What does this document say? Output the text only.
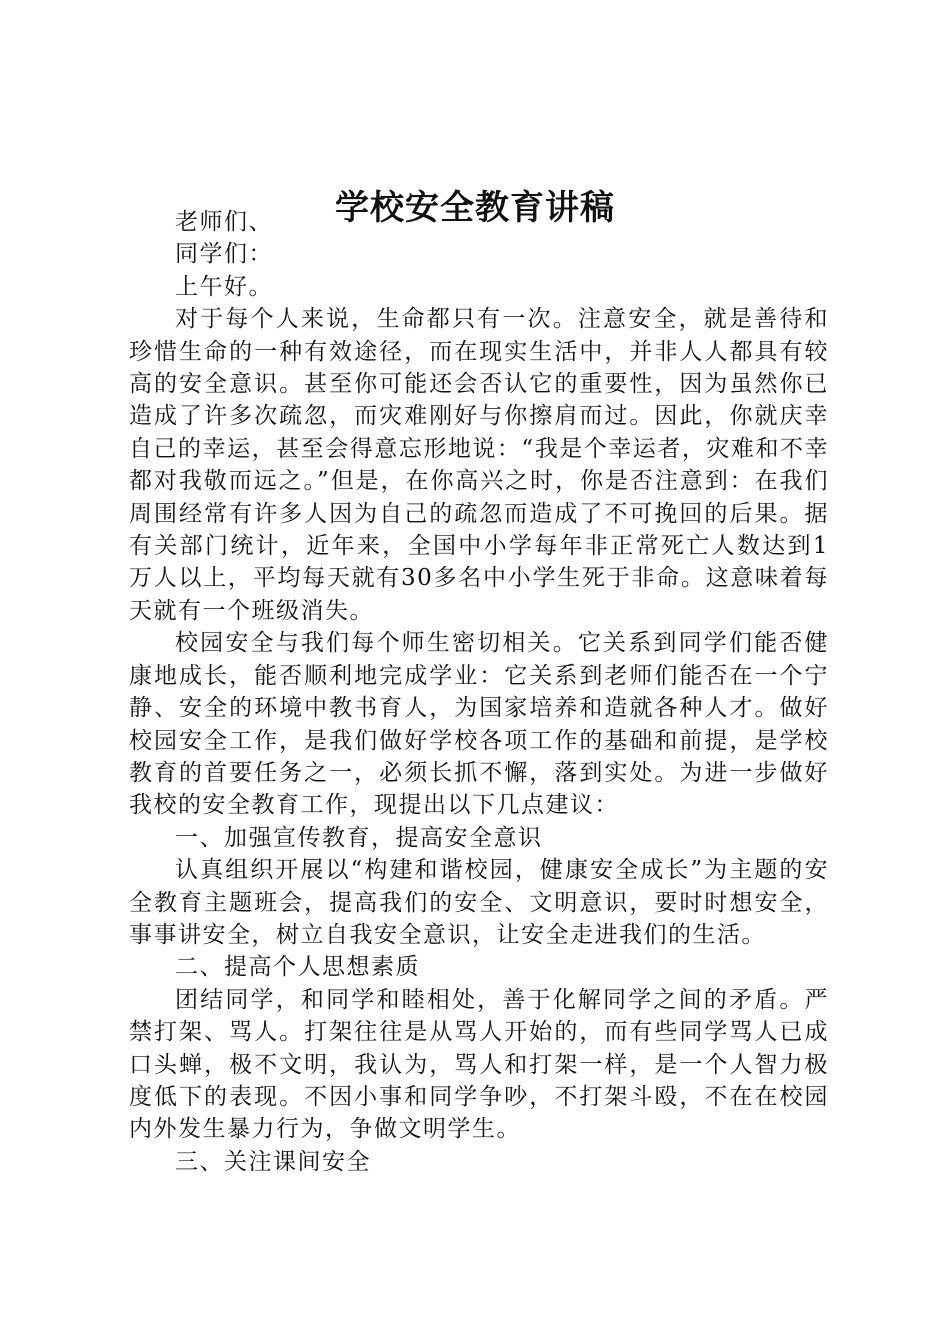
学校安全教育讲稿

老师们、

同学们：

上午好。

对于每个人来说，生命都只有一次。注意安全，就是善待和珍惜生命的一种有效途径，而在现实生活中，并非人人都具有较高的安全意识。甚至你可能还会否认它的重要性，因为虽然你已造成了许多次疏忽，而灾难刚好与你擦肩而过。因此，你就庆幸自己的幸运，甚至会得意忘形地说：“我是个幸运者，灾难和不幸都对我敬而远之。”但是，在你高兴之时，你是否注意到：在我们周围经常有许多人因为自己的疏忽而造成了不可挽回的后果。据有关部门统计，近年来，全国中小学每年非正常死亡人数达到1万人以上，平均每天就有30多名中小学生死于非命。这意味着每天就有一个班级消失。

校园安全与我们每个师生密切相关。它关系到同学们能否健康地成长，能否顺利地完成学业：它关系到老师们能否在一个宁静、安全的环境中教书育人，为国家培养和造就各种人才。做好校园安全工作，是我们做好学校各项工作的基础和前提，是学校教育的首要任务之一，必须长抓不懈，落到实处。为进一步做好我校的安全教育工作，现提出以下几点建议：

一、加强宣传教育，提高安全意识

认真组织开展以“构建和谐校园，健康安全成长”为主题的安全教育主题班会，提高我们的安全、文明意识，要时时想安全，事事讲安全，树立自我安全意识，让安全走进我们的生活。

二、提高个人思想素质

团结同学，和同学和睦相处，善于化解同学之间的矛盾。严禁打架、骂人。打架往往是从骂人开始的，而有些同学骂人已成口头蝉，极不文明，我认为，骂人和打架一样，是一个人智力极度低下的表现。不因小事和同学争吵，不打架斗殴，不在在校园内外发生暴力行为，争做文明学生。

三、关注课间安全
